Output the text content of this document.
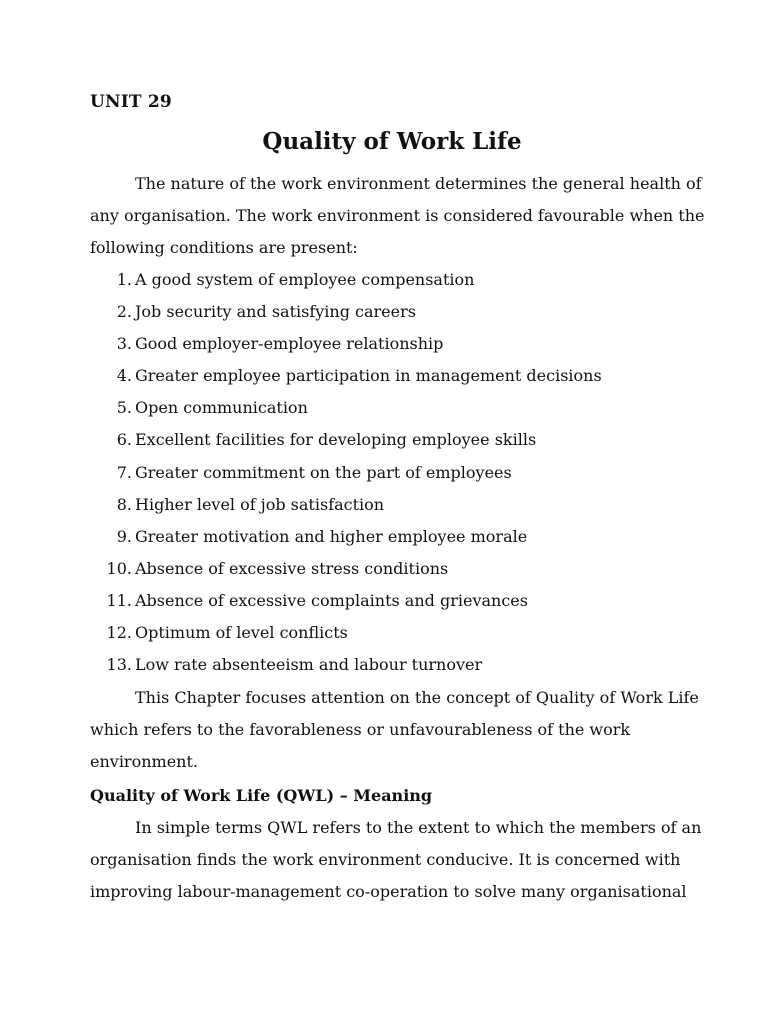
UNIT 29
Quality of Work Life
The nature of the work environment determines the general health of
any organisation. The work environment is considered favourable when the
following conditions are present:
1. A good system of employee compensation
2. Job security and satisfying careers
3. Good employer-employee relationship
4. Greater employee participation in management decisions
5. Open communication
6. Excellent facilities for developing employee skills
7. Greater commitment on the part of employees
8. Higher level of job satisfaction
9. Greater motivation and higher employee morale
10. Absence of excessive stress conditions
11. Absence of excessive complaints and grievances
12. Optimum of level conflicts
13. Low rate absenteeism and labour turnover
This Chapter focuses attention on the concept of Quality of Work Life
which refers to the favorableness or unfavourableness of the work
environment.
Quality of Work Life (QWL) – Meaning
In simple terms QWL refers to the extent to which the members of an
organisation finds the work environment conducive. It is concerned with
improving labour-management co-operation to solve many organisational
